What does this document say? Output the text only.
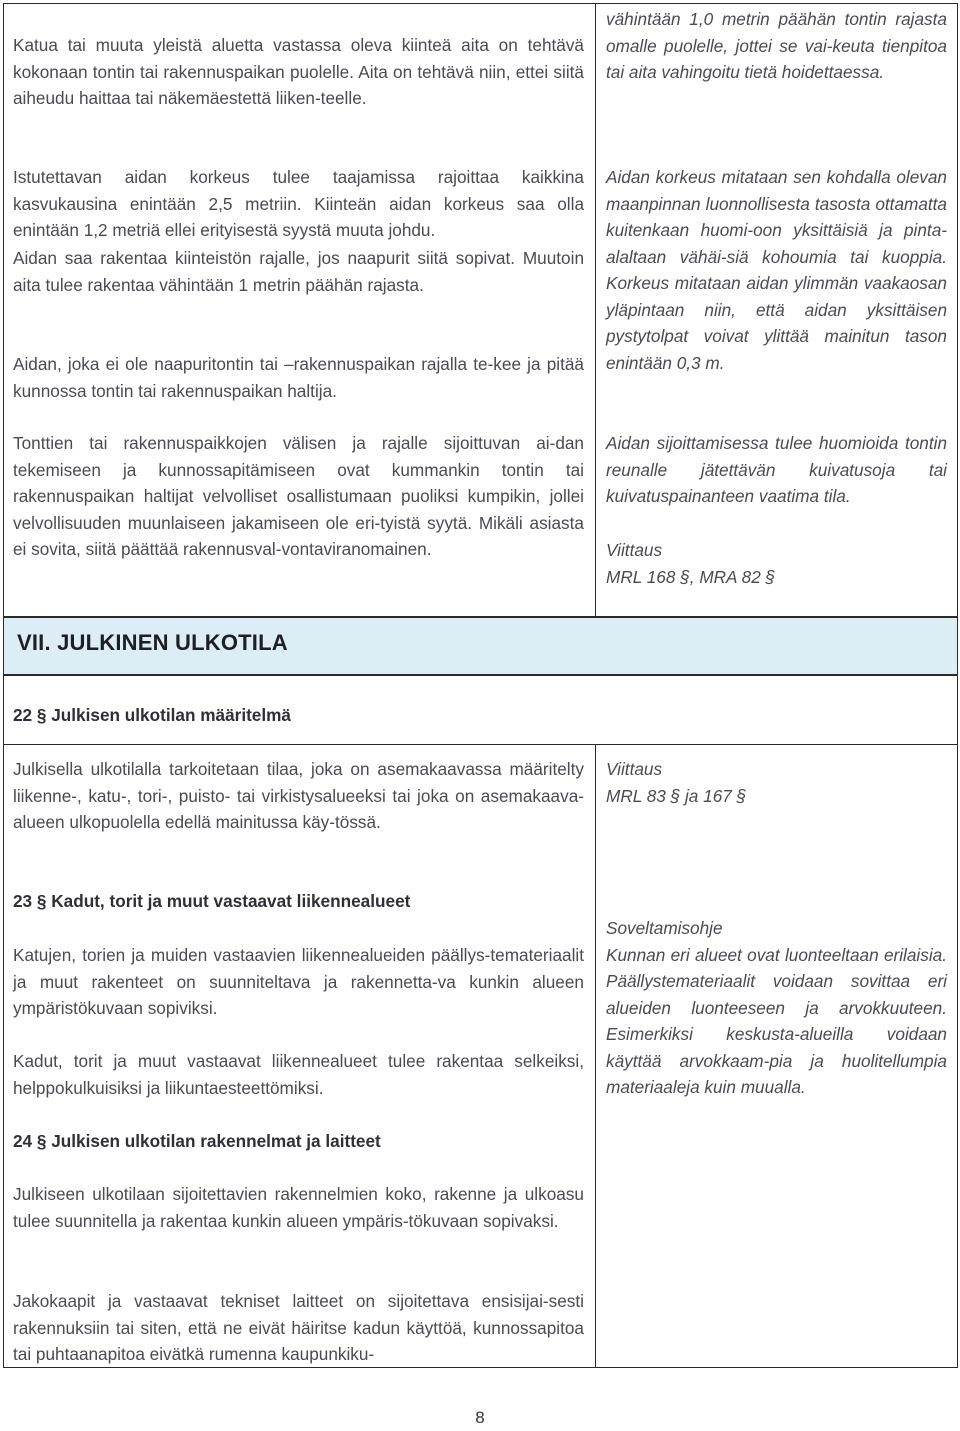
Katua tai muuta yleistä aluetta vastassa oleva kiinteä aita on tehtävä kokonaan tontin tai rakennuspaikan puolelle. Aita on tehtävä niin, ettei siitä aiheudu haittaa tai näkemäestettä liiken-teelle.

Istutettavan aidan korkeus tulee taajamissa rajoittaa kaikkina kasvukausina enintään 2,5 metriin. Kiinteän aidan korkeus saa olla enintään 1,2 metriä ellei erityisestä syystä muuta johdu.

Aidan saa rakentaa kiinteistön rajalle, jos naapurit siitä sopivat. Muutoin aita tulee rakentaa vähintään 1 metrin päähän rajasta.

Aidan, joka ei ole naapuritontin tai –rakennuspaikan rajalla te-kee ja pitää kunnossa tontin tai rakennuspaikan haltija.

Tonttien tai rakennuspaikkojen välisen ja rajalle sijoittuvan ai-dan tekemiseen ja kunnossapitämiseen ovat kummankin tontin tai rakennuspaikan haltijat velvolliset osallistumaan puoliksi kumpikin, jollei velvollisuuden muunlaiseen jakamiseen ole eri-tyistä syytä. Mikäli asiasta ei sovita, siitä päättää rakennusval-vontaviranomainen.

vähintään 1,0 metrin päähän tontin rajasta omalle puolelle, jottei se vai-keuta tienpitoa tai aita vahingoitu tietä hoidettaessa.

Aidan korkeus mitataan sen kohdalla olevan maanpinnan luonnollisesta tasosta ottamatta kuitenkaan huomi-oon yksittäisiä ja pinta-alaltaan vähäi-siä kohoumia tai kuoppia. Korkeus mitataan aidan ylimmän vaakaosan yläpintaan niin, että aidan yksittäisen pystytolpat voivat ylittää mainitun tason enintään 0,3 m.

Aidan sijoittamisessa tulee huomioida tontin reunalle jätettävän kuivatusoja tai kuivatuspainanteen vaatima tila.

Viittaus
MRL 168 §, MRA 82 §

VII. JULKINEN ULKOTILA

22 § Julkisen ulkotilan määritelmä

Julkisella ulkotilalla tarkoitetaan tilaa, joka on asemakaavassa määritelty liikenne-, katu-, tori-, puisto- tai virkistysalueeksi tai joka on asemakaava-alueen ulkopuolella edellä mainitussa käy-tössä.

Viittaus
MRL 83 § ja 167 §

23 § Kadut, torit ja muut vastaavat liikennealueet

Katujen, torien ja muiden vastaavien liikennealueiden päällys-temateriaalit ja muut rakenteet on suunniteltava ja rakennetta-va kunkin alueen ympäristökuvaan sopiviksi.

Kadut, torit ja muut vastaavat liikennealueet tulee rakentaa selkeiksi, helppokulkuisiksi ja liikuntaesteettömiksi.

Soveltamisohje
Kunnan eri alueet ovat luonteeltaan erilaisia. Päällystemateriaalit voidaan sovittaa eri alueiden luonteeseen ja arvokkuuteen. Esimerkiksi keskusta-alueilla voidaan käyttää arvokkaam-pia ja huolitellumpia materiaaleja kuin muualla.

24 § Julkisen ulkotilan rakennelmat ja laitteet

Julkiseen ulkotilaan sijoitettavien rakennelmien koko, rakenne ja ulkoasu tulee suunnitella ja rakentaa kunkin alueen ympäris-tökuvaan sopivaksi.

Jakokaapit ja vastaavat tekniset laitteet on sijoitettava ensisijai-sesti rakennuksiin tai siten, että ne eivät häiritse kadun käyttöä, kunnossapitoa tai puhtaanapitoa eivätkä rumenna kaupunkiku-

8
